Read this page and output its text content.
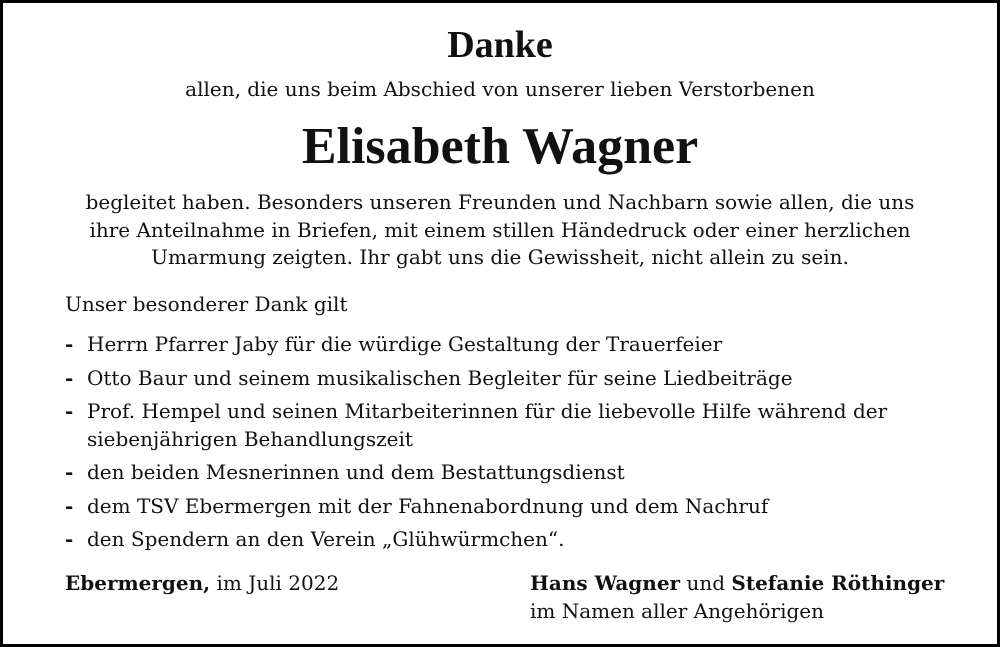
Danke
allen, die uns beim Abschied von unserer lieben Verstorbenen
Elisabeth Wagner
begleitet haben. Besonders unseren Freunden und Nachbarn sowie allen, die uns
ihre Anteilnahme in Briefen, mit einem stillen Händedruck oder einer herzlichen
Umarmung zeigten. Ihr gabt uns die Gewissheit, nicht allein zu sein.
Unser besonderer Dank gilt
- Herrn Pfarrer Jaby für die würdige Gestaltung der Trauerfeier
- Otto Baur und seinem musikalischen Begleiter für seine Liedbeiträge
- Prof. Hempel und seinen Mitarbeiterinnen für die liebevolle Hilfe während der siebenjährigen Behandlungszeit
- den beiden Mesnerinnen und dem Bestattungsdienst
- dem TSV Ebermergen mit der Fahnenabordnung und dem Nachruf
- den Spendern an den Verein „Glühwürmchen“.
Ebermergen, im Juli 2022	Hans Wagner und Stefanie Röthinger
im Namen aller Angehörigen
